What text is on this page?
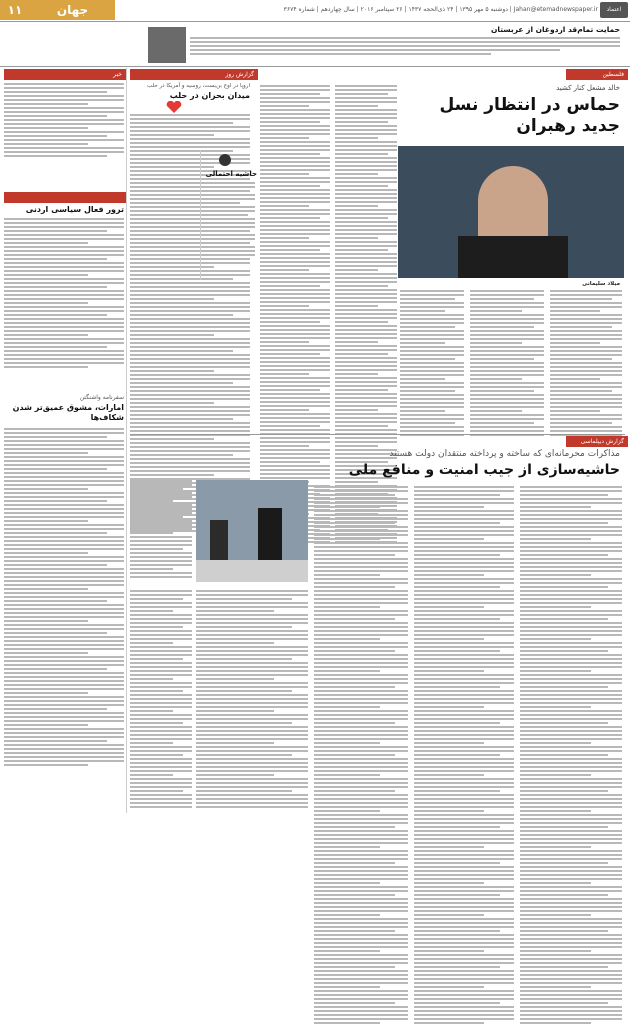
۱۱	جهان	Jahan@etemadnewspaper.ir | دوشنبه ۵ مهر ۱۳۹۵ | ۲۴ ذی‌الحجه ۱۴۳۷ | ۲۶ سپتامبر ۲۰۱۶ | سال چهاردهم | شماره ۳۶۷۴	اعتماد
حمایت تمام‌قد اردوغان از عربستان
خبر
ترور فعال سیاسی اردنی
سفرنامه واشنگتن
امارات، مشوق عمیق‌تر شدن شکاف‌ها
گزارش روز
اروپا در اوج بن‌بست، روسیه و آمریکا در حلب
میدان بحران در حلب
حاشیه احتمالی
فلسطین
خالد مشعل کنار کشید
حماس در انتظار نسل جدید رهبران
میلاد سلیمانی
گزارش دیپلماسی
مذاکرات محرمانه‌ای که ساخته و پرداخته منتقدان دولت هستند
حاشیه‌سازی از جیب امنیت و منافع ملی
